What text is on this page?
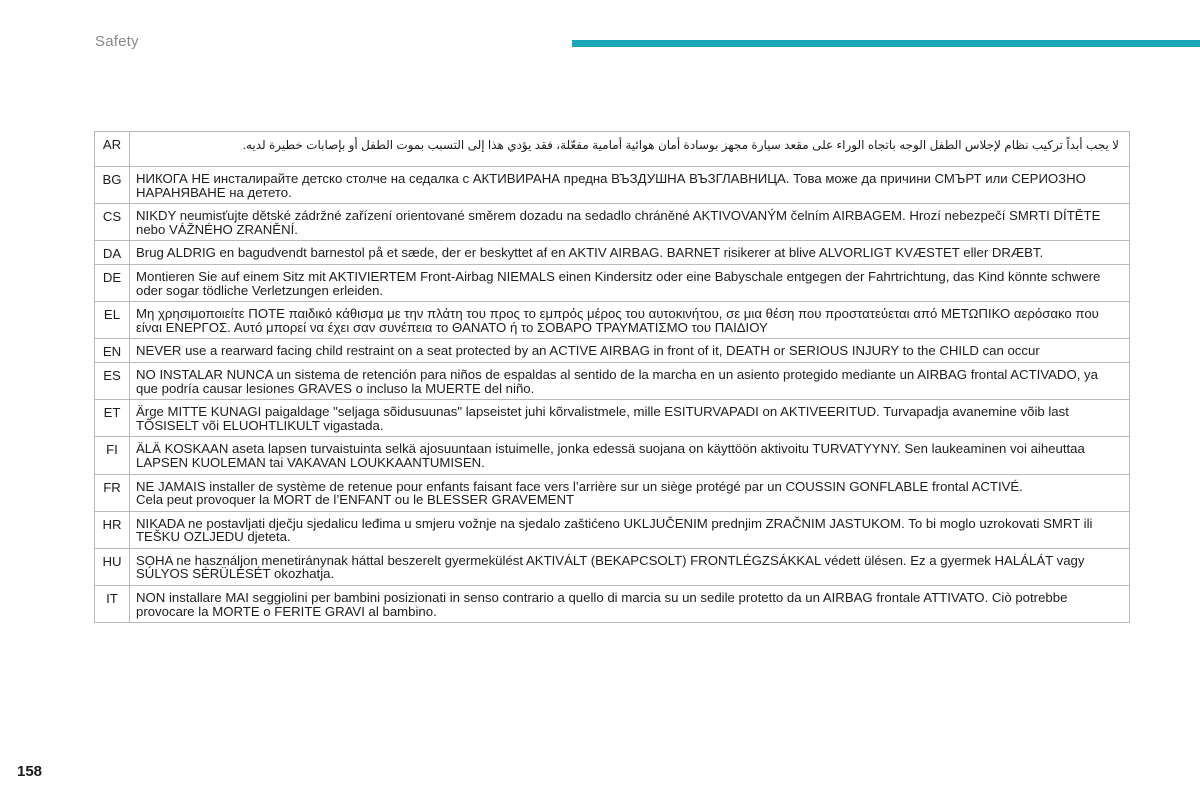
Safety
AR	لا يجب أبداً تركيب نظام لإجلاس الطفل الوجه باتجاه الوراء على مقعد سيارة مجهز بوسادة أمان هوائية أمامية مفعّلة، فقد يؤدي هذا إلى التسبب بموت الطفل أو بإصابات خطيرة لديه.
BG	НИКОГА НЕ инсталирайте детско столче на седалка с АКТИВИРАНА предна ВЪЗДУШНА ВЪЗГЛАВНИЦА. Това може да причини СМЪРТ или СЕРИОЗНО НАРАНЯВАНЕ на детето.
CS	NIKDY neumisťujte dětské zádržné zařízení orientované směrem dozadu na sedadlo chráněné AKTIVOVANÝM čelním AIRBAGEM. Hrozí nebezpečí SMRTI DÍTĚTE nebo VÁŽNÉHO ZRANĚNÍ.
DA	Brug ALDRIG en bagudvendt barnestol på et sæde, der er beskyttet af en AKTIV AIRBAG. BARNET risikerer at blive ALVORLIGT KVÆSTET eller DRÆBT.
DE	Montieren Sie auf einem Sitz mit AKTIVIERTEM Front-Airbag NIEMALS einen Kindersitz oder eine Babyschale entgegen der Fahrtrichtung, das Kind könnte schwere oder sogar tödliche Verletzungen erleiden.
EL	Μη χρησιμοποιείτε ΠΟΤΕ παιδικό κάθισμα με την πλάτη του προς το εμπρός μέρος του αυτοκινήτου, σε μια θέση που προστατεύεται από ΜΕΤΩΠΙΚΟ αερόσακο που είναι ΕΝΕΡΓΟΣ. Αυτό μπορεί να έχει σαν συνέπεια το ΘΑΝΑΤΟ ή το ΣΟΒΑΡΟ ΤΡΑΥΜΑΤΙΣΜΟ του ΠΑΙΔΙΟΥ
EN	NEVER use a rearward facing child restraint on a seat protected by an ACTIVE AIRBAG in front of it, DEATH or SERIOUS INJURY to the CHILD can occur
ES	NO INSTALAR NUNCA un sistema de retención para niños de espaldas al sentido de la marcha en un asiento protegido mediante un AIRBAG frontal ACTIVADO, ya que podría causar lesiones GRAVES o incluso la MUERTE del niño.
ET	Ärge MITTE KUNAGI paigaldage "seljaga sõidusuunas" lapseistet juhi kõrvalistmele, mille ESITURVAPADI on AKTIVEERITUD. Turvapadja avanemine võib last TÕSISELT või ELUOHTLIKULT vigastada.
FI	ÄLÄ KOSKAAN aseta lapsen turvaistuinta selkä ajosuuntaan istuimelle, jonka edessä suojana on käyttöön aktivoitu TURVATYYNY. Sen laukeaminen voi aiheuttaa LAPSEN KUOLEMAN tai VAKAVAN LOUKKAANTUMISEN.
FR	NE JAMAIS installer de système de retenue pour enfants faisant face vers l’arrière sur un siège protégé par un COUSSIN GONFLABLE frontal ACTIVÉ.
Cela peut provoquer la MORT de l’ENFANT ou le BLESSER GRAVEMENT
HR	NIKADA ne postavljati dječju sjedalicu leđima u smjeru vožnje na sjedalo zaštićeno UKLJUČENIM prednjim ZRAČNIM JASTUKOM. To bi moglo uzrokovati SMRT ili TEŠKU OZLJEDU djeteta.
HU	SOHA ne használjon menetiránynak háttal beszerelt gyermekülést AKTIVÁLT (BEKAPCSOLT) FRONTLÉGZSÁKKAL védett ülésen. Ez a gyermek HALÁLÁT vagy SÚLYOS SÉRÜLÉSÉT okozhatja.
IT	NON installare MAI seggiolini per bambini posizionati in senso contrario a quello di marcia su un sedile protetto da un AIRBAG frontale ATTIVATO. Ciò potrebbe provocare la MORTE o FERITE GRAVI al bambino.
158
